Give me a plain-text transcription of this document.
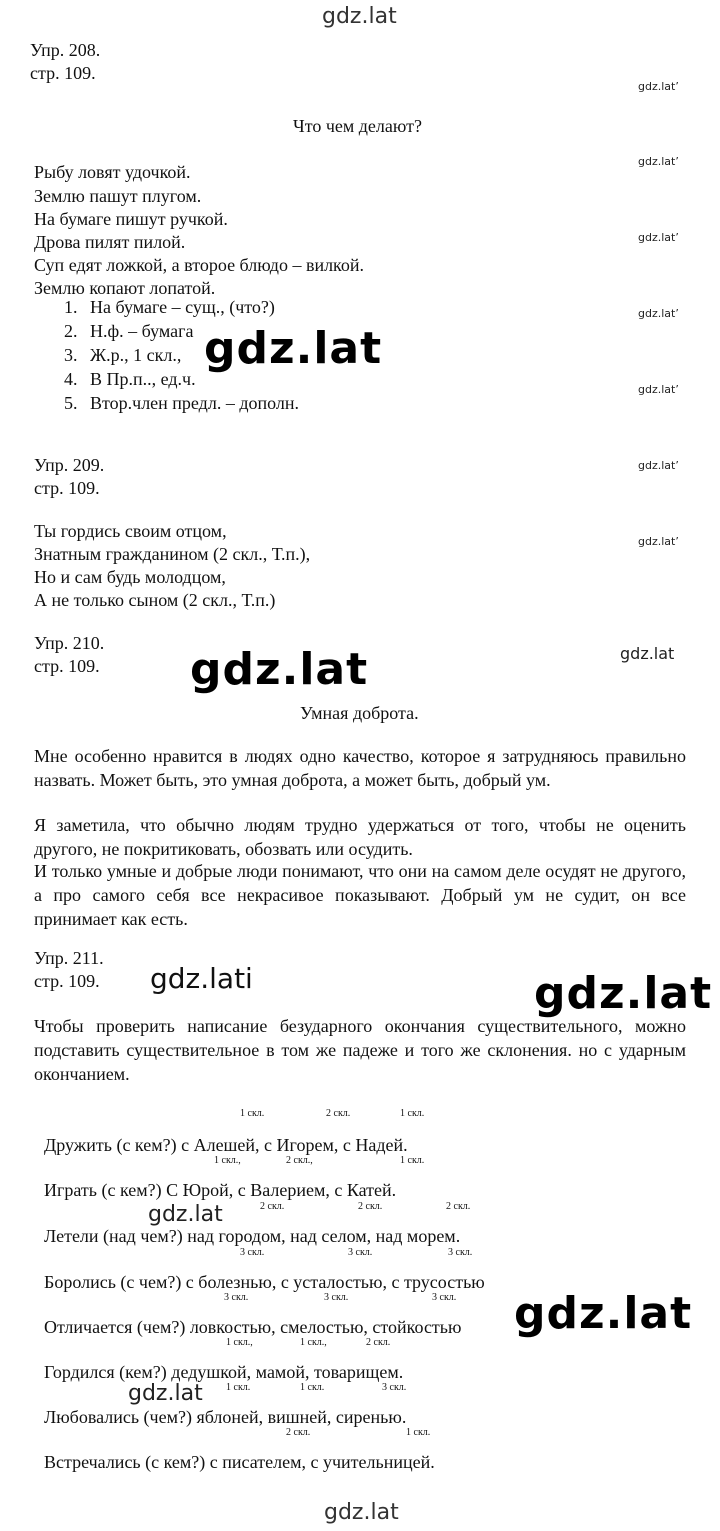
gdz.lat
Упр. 208.
стр. 109.
Что чем делают?
Рыбу ловят удочкой.
Землю пашут плугом.
На бумаге пишут ручкой.
Дрова пилят пилой.
Суп едят ложкой, а второе блюдо – вилкой.
Землю копают лопатой.
1. На бумаге – сущ., (что?)
2. Н.ф. – бумага
3. Ж.р., 1 скл.,
4. В Пр.п.., ед.ч.
5. Втор.член предл. – дополн.
gdz.lat
gdz.lat’
gdz.lat’
gdz.lat’
gdz.lat’
gdz.lat’
gdz.lat’
gdz.lat’
Упр. 209.
стр. 109.
Ты гордись своим отцом,
Знатным гражданином (2 скл., Т.п.),
Но и сам будь молодцом,
А не только сыном (2 скл., Т.п.)
Упр. 210.
стр. 109. gdz.lat	gdz.lat
Умная доброта.
Мне особенно нравится в людях одно качество, которое я затрудняюсь правильно назвать. Может быть, это умная доброта, а может быть, добрый ум.
Я заметила, что обычно людям трудно удержаться от того, чтобы не оценить другого, не покритиковать, обозвать или осудить.
И только умные и добрые люди понимают, что они на самом деле осудят не другого, а про самого себя все некрасивое показывают. Добрый ум не судит, он все принимает как есть.
Упр. 211.
стр. 109. gdz.lati	gdz.lat
Чтобы проверить написание безударного окончания существительного, можно подставить существительное в том же падеже и того же склонения. но с ударным окончанием.
1 скл.	2 скл.	1 скл.
Дружить (с кем?) с Алешей, с Игорем, с Надей.
1 скл.,	2 скл.,	1 скл.
Играть (с кем?) С Юрой, с Валерием, с Катей.
gdz.lat	2 скл.	2 скл.	2 скл.
Летели (над чем?) над городом, над селом, над морем.
3 скл.	3 скл.	3 скл.
Боролись (с чем?) с болезнью, с усталостью, с трусостью
3 скл.	3 скл.	3 скл.
Отличается (чем?) ловкостью, смелостью, стойкостью gdz.lat
1 скл.,	1 скл.,	2 скл.
Гордился (кем?) дедушкой, мамой, товарищем.
gdz.lat 1 скл.	1 скл.	3 скл.
Любовались (чем?) яблоней, вишней, сиренью.
2 скл.	1 скл.
Встречались (с кем?) с писателем, с учительницей.
gdz.lat
